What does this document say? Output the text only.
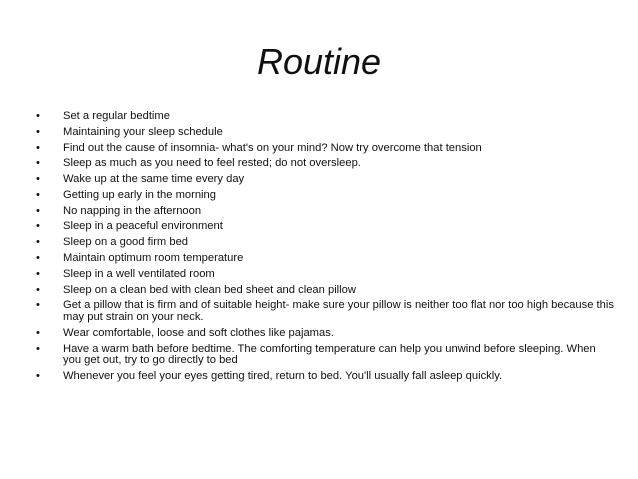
Routine
• Set a regular bedtime
• Maintaining your sleep schedule
• Find out the cause of insomnia- what's on your mind? Now try overcome that tension
• Sleep as much as you need to feel rested; do not oversleep.
• Wake up at the same time every day
• Getting up early in the morning
• No napping in the afternoon
• Sleep in a peaceful environment
• Sleep on a good firm bed
• Maintain optimum room temperature
• Sleep in a well ventilated room
• Sleep on a clean bed with clean bed sheet and clean pillow
• Get a pillow that is firm and of suitable height- make sure your pillow is neither too flat nor too high because this may put strain on your neck.
• Wear comfortable, loose and soft clothes like pajamas.
• Have a warm bath before bedtime. The comforting temperature can help you unwind before sleeping. When you get out, try to go directly to bed
• Whenever you feel your eyes getting tired, return to bed. You'll usually fall asleep quickly.
